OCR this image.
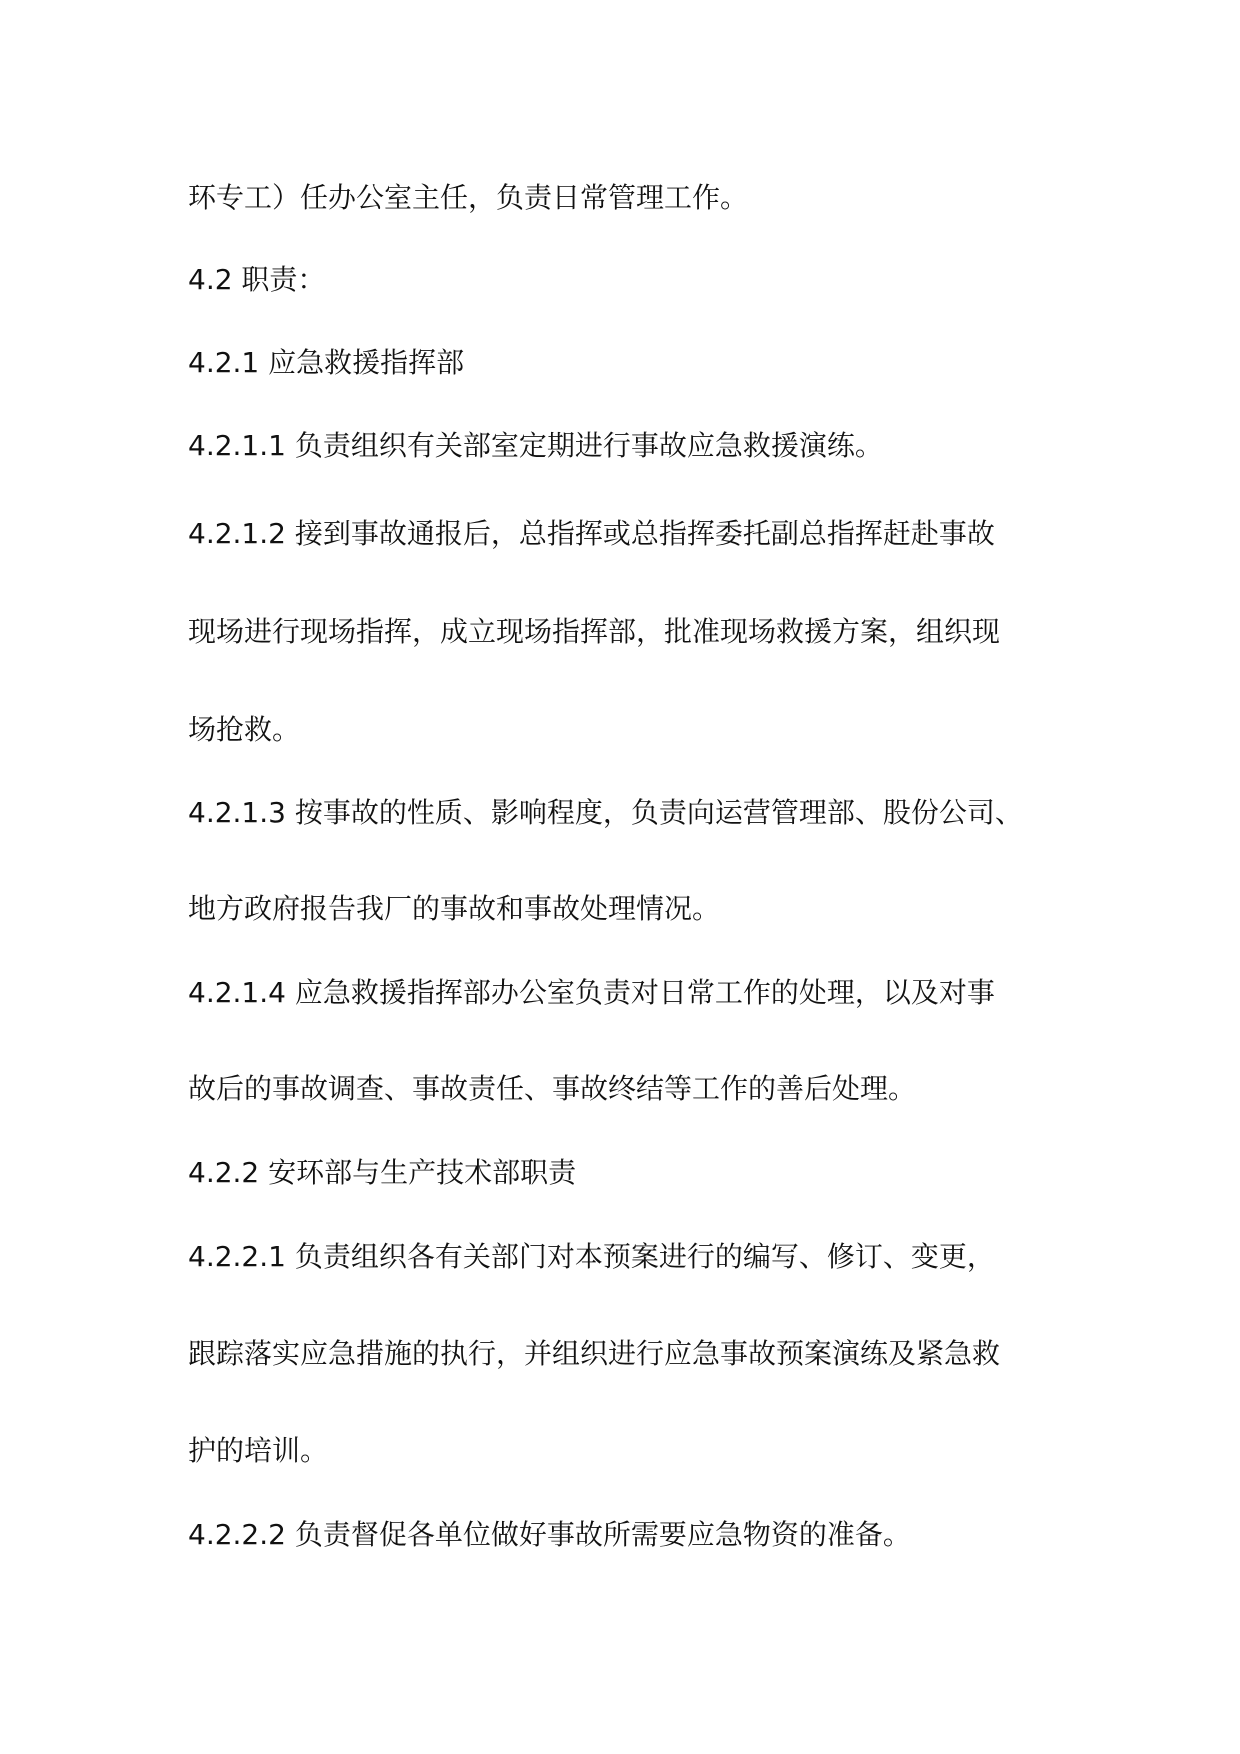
环专工）任办公室主任，负责日常管理工作。
4.2 职责：
4.2.1 应急救援指挥部
4.2.1.1 负责组织有关部室定期进行事故应急救援演练。
4.2.1.2 接到事故通报后，总指挥或总指挥委托副总指挥赶赴事故
现场进行现场指挥，成立现场指挥部，批准现场救援方案，组织现
场抢救。
4.2.1.3 按事故的性质、影响程度，负责向运营管理部、股份公司、
地方政府报告我厂的事故和事故处理情况。
4.2.1.4 应急救援指挥部办公室负责对日常工作的处理，以及对事
故后的事故调查、事故责任、事故终结等工作的善后处理。
4.2.2 安环部与生产技术部职责
4.2.2.1 负责组织各有关部门对本预案进行的编写、修订、变更，
跟踪落实应急措施的执行，并组织进行应急事故预案演练及紧急救
护的培训。
4.2.2.2 负责督促各单位做好事故所需要应急物资的准备。
